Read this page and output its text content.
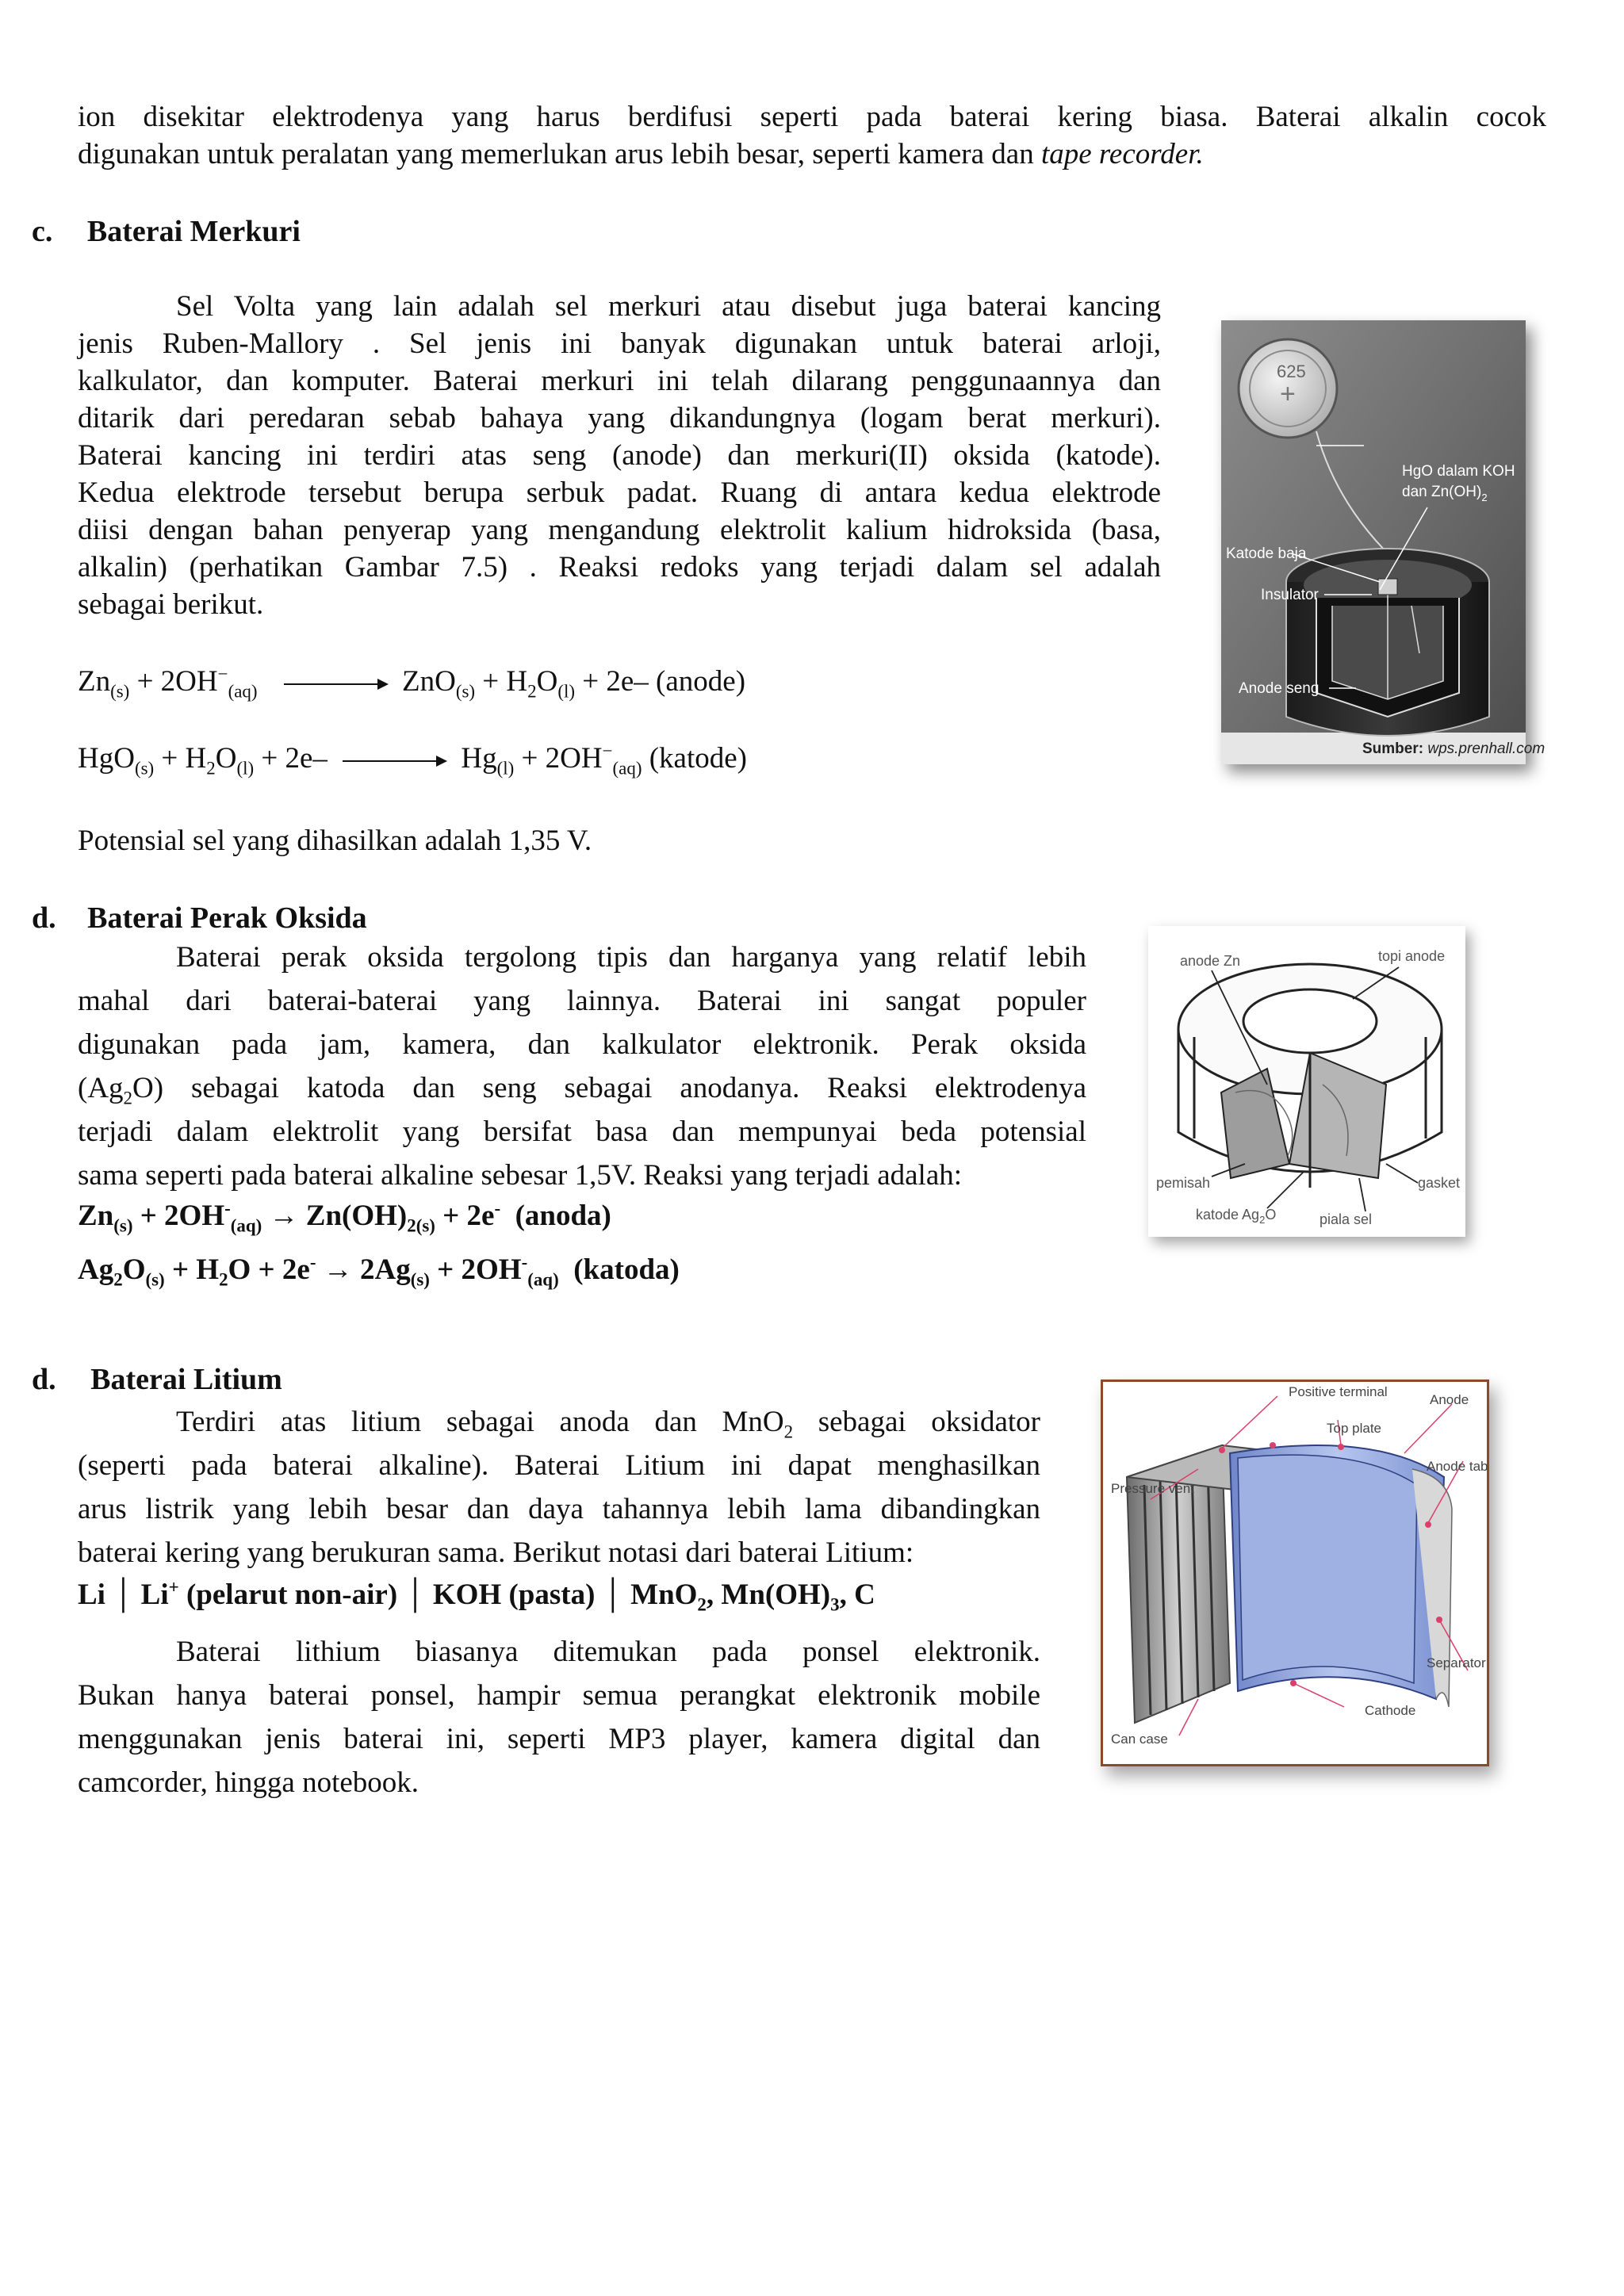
ion disekitar elektrodenya yang harus berdifusi seperti pada baterai kering biasa. Baterai alkalin cocok
digunakan untuk peralatan yang memerlukan arus lebih besar, seperti kamera dan tape recorder.
c. Baterai Merkuri
Sel Volta yang lain adalah sel merkuri atau disebut juga baterai kancing
jenis Ruben-Mallory . Sel jenis ini banyak digunakan untuk baterai arloji,
kalkulator, dan komputer. Baterai merkuri ini telah dilarang penggunaannya dan
ditarik dari peredaran sebab bahaya yang dikandungnya (logam berat merkuri).
Baterai kancing ini terdiri atas seng (anode) dan merkuri(II) oksida (katode).
Kedua elektrode tersebut berupa serbuk padat. Ruang di antara kedua elektrode
diisi dengan bahan penyerap yang mengandung elektrolit kalium hidroksida (basa,
alkalin) (perhatikan Gambar 7.5) . Reaksi redoks yang terjadi dalam sel adalah
sebagai berikut.
$Zn_{(s)} + 2OH^-_{(aq)} \to ZnO_{(s)} + H_2O_{(l)} + 2e-$ (anode)
$HgO_{(s)} + H_2O_{(l)} + 2e- \to Hg_{(l)} + 2OH^-_{(aq)}$ (katode)
Potensial sel yang dihasilkan adalah 1,35 V.
625
+
HgO dalam KOH
dan $Zn(OH)_2$
Katode baja
Insulator
Anode seng
Sumber: wps.prenhall.com
d. Baterai Perak Oksida
Baterai perak oksida tergolong tipis dan harganya yang relatif lebih
mahal dari baterai-baterai yang lainnya. Baterai ini sangat populer
digunakan pada jam, kamera, dan kalkulator elektronik. Perak oksida
$(Ag_2O)$ sebagai katoda dan seng sebagai anodanya. Reaksi elektrodenya
terjadi dalam elektrolit yang bersifat basa dan mempunyai beda potensial
sama seperti pada baterai alkaline sebesar 1,5V. Reaksi yang terjadi adalah:
$Zn_{(s)} + 2OH^-_{(aq)} \to Zn(OH)_{2(s)} + 2e^-$ (anoda)
$Ag_2O_{(s)} + H_2O + 2e^- \to 2Ag_{(s)} + 2OH^-_{(aq)}$ (katoda)
anode Zn	topi anode
pemisah
katode $Ag_2O$	piala sel
gasket
d. Baterai Litium
Terdiri atas litium sebagai anoda dan MnO$_2$ sebagai oksidator
(seperti pada baterai alkaline). Baterai Litium ini dapat menghasilkan
arus listrik yang lebih besar dan daya tahannya lebih lama dibandingkan
baterai kering yang berukuran sama. Berikut notasi dari baterai Litium:
Li │ Li+ (pelarut non-air) │ KOH (pasta) │ MnO$_2$, $Mn(OH)_3$, C
Baterai lithium biasanya ditemukan pada ponsel elektronik.
Bukan hanya baterai ponsel, hampir semua perangkat elektronik mobile
menggunakan jenis baterai ini, seperti MP3 player, kamera digital dan
camcorder, hingga notebook.
Positive terminal
Anode
Top plate
Anode tab
Pressure vent
Separator
Cathode
Can case
